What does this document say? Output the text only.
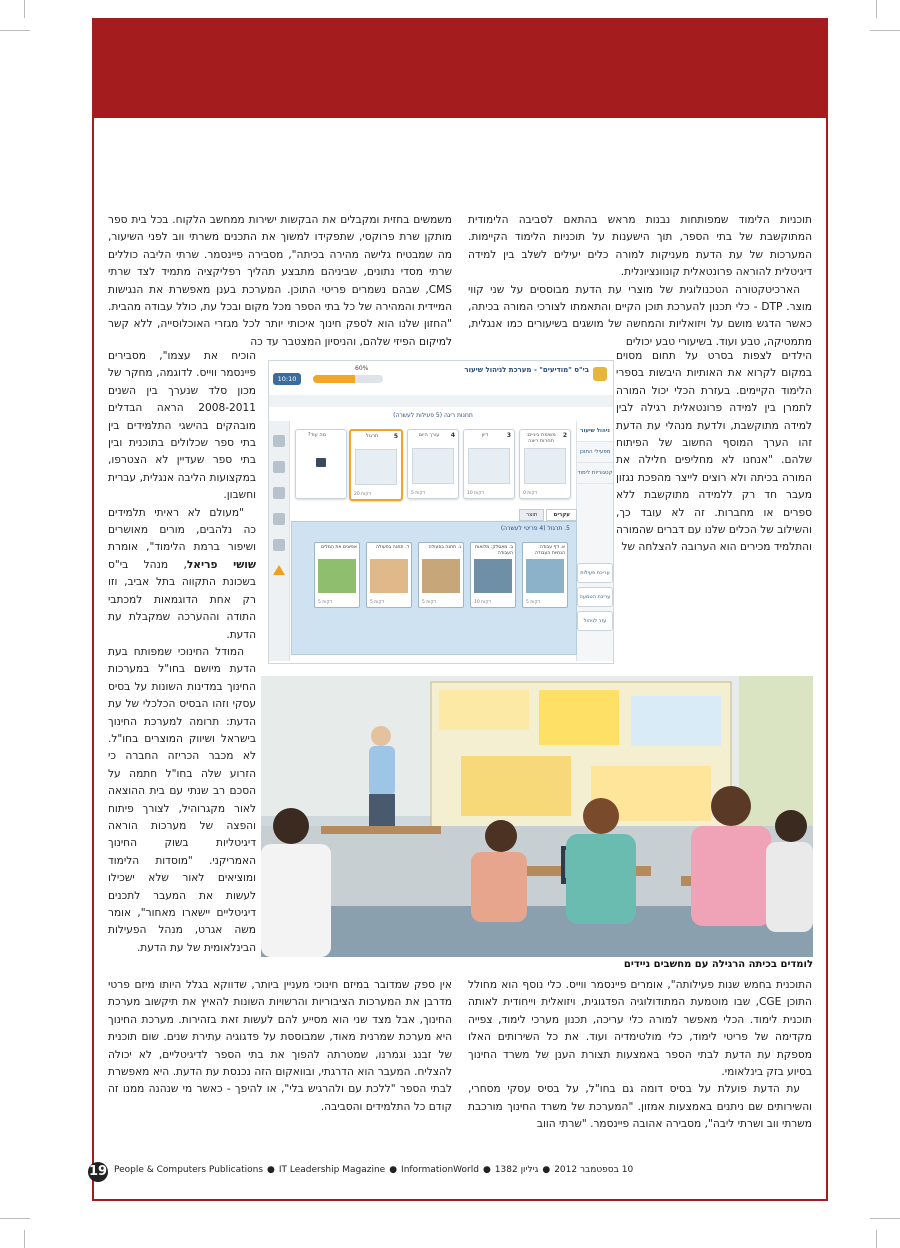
תוכניות הלימוד שמפותחות נבנות מראש בהתאם לסביבה הלימודית המתוקשבת של בתי הספר, תוך הישענות על תוכניות הלימוד הקיימות. המערכות של עת הדעת מעניקות למורה כלים יעילים לשלב בין למידה דיגיטלית להוראה פרונטאלית קונוונציונלית.

הארכיטקטורה הטכנולוגית של מוצרי עת הדעת מבוססים על שני קווי מוצר. DTP - כלי תכנון להערכת תוכן הקיים והתאמתו לצורכי המורה בכיתה, כאשר הדגש מושם על ויזואליות והמחשה של מושגים בשיעורים כמו אנגלית, מתמטיקה, טבע ועוד. בשיעורי טבע יכולים

הילדים לצפות בסרט על תחום מסוים במקום לקרוא את האותיות היבשות בספרי הלימוד הקיימים. בעזרת הכלי יכול המורה לתמרן בין למידה פרונטאלית רגילה לבין למידה מתוקשבת, ולדעת מנהלי עת הדעת זהו הערך המוסף החשוב של הפיתוח שלהם. "אנחנו לא מחליפים חלילה את המורה בכיתה ולא רוצים לייצר מהפכת נגזון מעבר חד רק ללמידה מתוקשבת ללא ספרים או מחברות. זה לא עובד כך, והשילוב של הכלים שלנו עם דברים שהמורה והתלמיד מכירים הוא הערובה להצלחה של

משמשים בחזית ומקבלים את הבקשות ישירות ממחשב הלקוח. בכל בית ספר מותקן שרת פרוקסי, שתפקידו למשוך את התכנים משרתי ווב לפני השיעור, מה שמבטיח גלישה מהירה בכיתה", מסבירה פיינסמר. שרתי הליבה כוללים שרתי מסדי נתונים, שביניהם מתבצע תהליך רפליקציה מתמיד לצד שרתי CMS, שבהם נשמרים פריטי התוכן. המערכת בענן מאפשרת את הנגישות המיידית והמהירה של כל בתי הספר מכל מקום ובכל עת, כולל עבודה מהבית. "החזון שלנו הוא לספק חינוך איכותי יותר לכל מגזרי האוכלוסייה, ללא קשר למיקום הפיזי שלהם, והניסיון המצטבר עד כה

הוכיח את עצמו", מסבירים פיינסמר ווייס. לדוגמה, מחקר של מכון סלד שנערך בין השנים 2008-2011 הראה הבדלים מובהקים בהישגי התלמידים בין בתי ספר שכלולים בתוכנית ובין בתי ספר שעדיין לא הצטרפו, במקצועות הליבה אנגלית, עברית וחשבון.

"מעולם לא ראיתי תלמידים כה נלהבים, מורים מאושרים ושיפור ברמת הלימוד", אומרת שושי פריאל, מנהל בי"ס בשכונת התקווה בתל אביב, וזו רק אחת הדוגמאות למכתבי התודה וההערכה שמקבלת עת הדעת.

המודל החינוכי שמפותח בעת הדעת מיושם בחו"ל במערכות החינוך במדינות השונות על בסיס עסקי וזהו הבסיס הכלכלי של עת הדעת: תרומה למערכת החינוך בישראל ושיווק המוצרים בחו"ל. לא מכבר הכריזה החברה כי הזרוע שלה בחו"ל חתמה על הסכם רב שנתי עם בית ההוצאה לאור מקגרוהיל, לצורך פיתוח והפצה של מערכות הוראה דיגיטליות בשוק החינוך האמריקני. "מוסדות הלימוד ומוציאים לאור שלא ישכילו לעשות את המעבר לתכנים דיגיטליים יישארו מאחור", אומר משה אגרט, מנהל הפעילות הבינלאומית של עת הדעת.

בי"ס "מודיעים" - מערכת לניהול שיעור
10:10
60%
תחנות ריגה (5 פעילות לעשרה)
ניהול שיעור
מפעילי התוכן
קטגוריות לימוד
2
משימת ביניים: תחרות ריצה
0 דקות
3
דיון
10 דקות
4
עורך היום
5 דקות
5
תרגול
20 דקות
מה עוד?
תוצר	עקרים
5. תרגול (4 פריטי לעשרה)
א. דף עבודה: הנחיות העבודה
5 דקות
ב. מאסלק: מלואות העבודה
10 דקות
ג. תחנה בפעולה
5 דקות
ד. תחנה בפעולה
5 דקות
אפיונים את המלים
5 דקות
עריכת פעילות
עריכת הטמעה
עזר לניהול
לומדים בכיתה הרגילה עם מחשבים ניידים

התוכנית בחמש שנות פעילותה", אומרים פיינסמר ווייס. כלי נוסף הוא מחולל התוכן CGE, שבו מוטמעת המתודולוגיה הפדגוגית, ויזואלית וייחודית לאותה תוכנית לימוד. הכלי מאפשר למורה כלי עריכה, תכנון מערכי לימוד, צפייה מקדימה של פריטי לימוד, כלי מולטימדיה ועוד. את כל השירותים האלו מספקת עת הדעת לבתי הספר באמצעות תצורת הענן של משרד החינוך בסיוע בזק בינלאומי.

עת הדעת פועלת על בסיס דומה גם בחו"ל, על בסיס עסקי מסחרי, והשירותים שם ניתנים באמצעות אמזון. "המערכת של משרד החינוך מורכבת משרתי ווב ושרתי ליבה", מסבירה אהובה פיינסמר. "שרתי הווב

אין ספק שמדובר במיזם חינוכי מעניין ביותר, שדווקא בגלל היותו מיזם פרטי מדרבן את המערכות הציבוריות והרשויות השונות להאיץ את תיקשוב מערכת החינוך, אבל מצד שני הוא מסייע להם לעשות זאת בזהירות. מערכת החינוך היא מערכת שמרנית מאוד, שמבוססת על פדגוגיה עתירת שנים. שום תוכנית של זבנג וגמרנו, שמטרתה להפוך את בתי הספר לדיגיטליים, לא יכולה להצליח. המעבר הוא הדרגתי, ובוואקום הזה נכנסת עת הדעת. היא מאפשרת לבתי הספר "ללכת עם ולהרגיש בלי", או להיפך - כאשר מי שנהנה ממנו זה קודם כל התלמידים והסביבה.

19 People & Computers Publications ● IT Leadership Magazine ● InformationWorld ●	10 בספטמבר 2012●גיליון 1382
